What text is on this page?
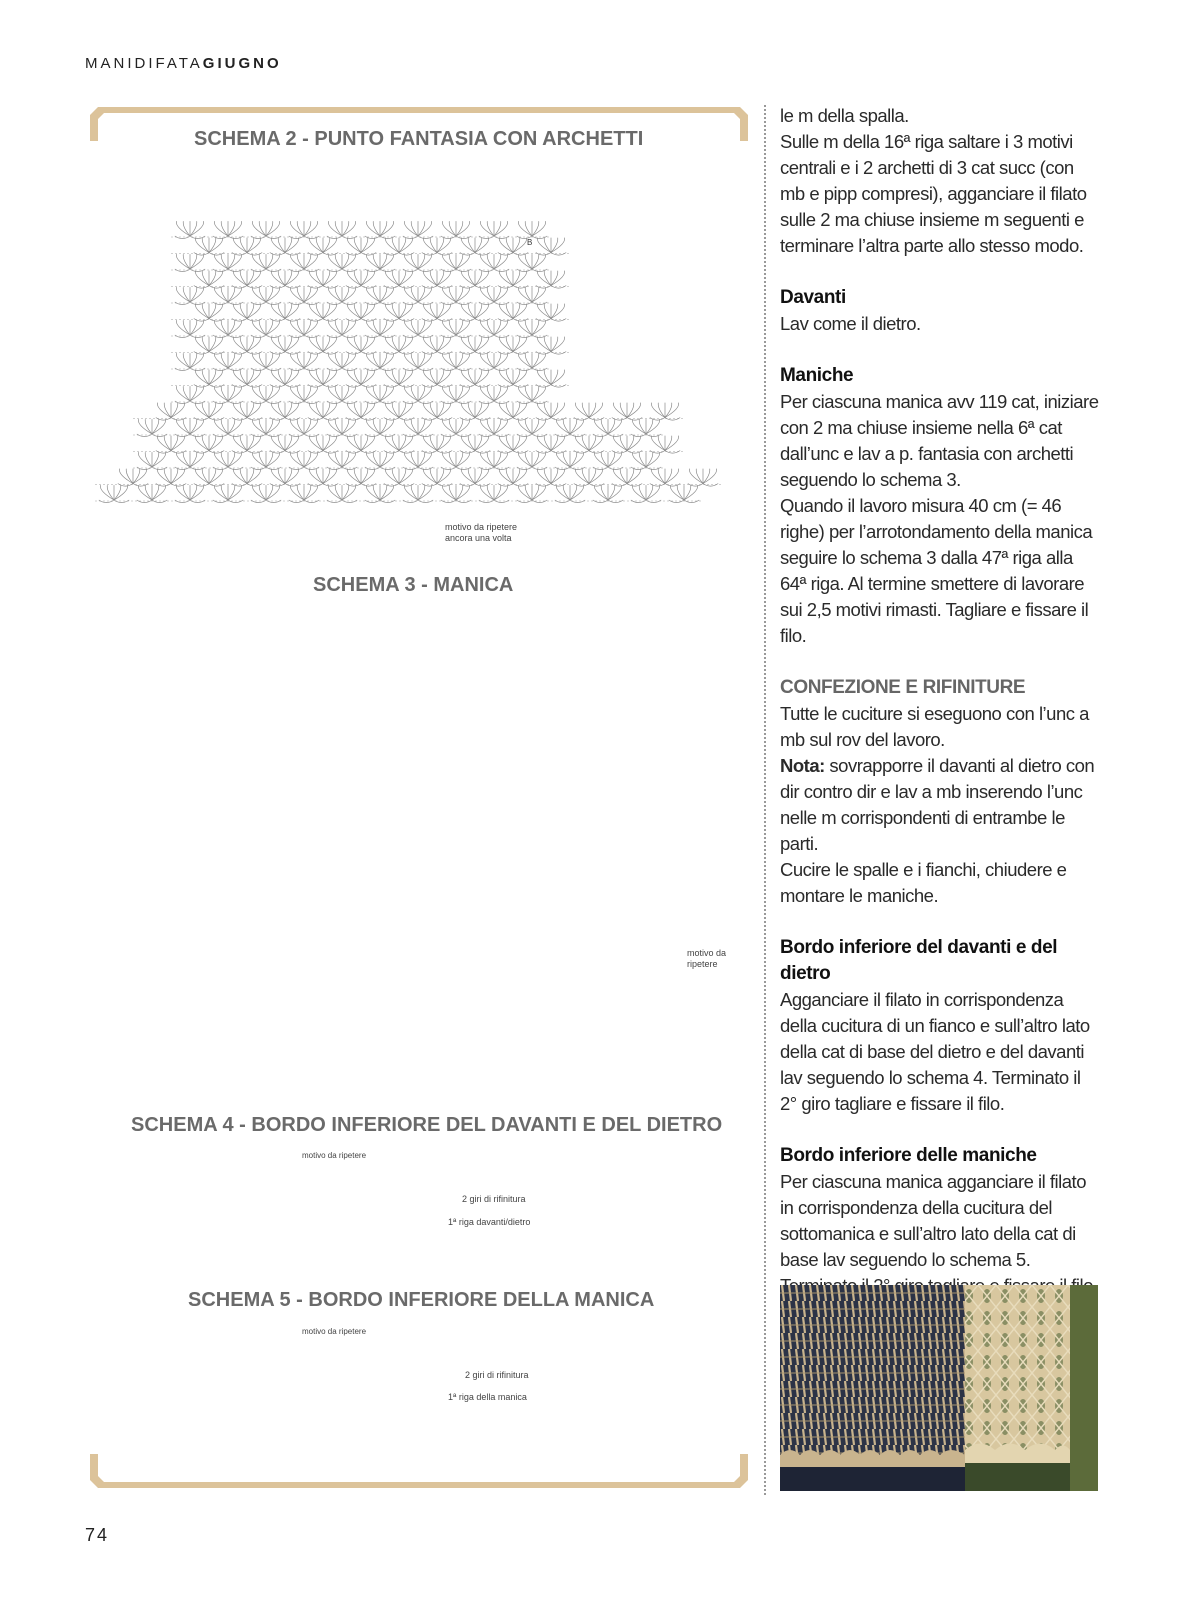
MANIDIFATAGIUGNO
SCHEMA 2 - PUNTO FANTASIA CON ARCHETTI
motivo da ripetere
ancora una volta
B
SCHEMA 3 - MANICA
motivo da
ripetere
SCHEMA 4 - BORDO INFERIORE DEL DAVANTI E DEL DIETRO
motivo da ripetere
2 giri di rifinitura
1ª riga davanti/dietro
SCHEMA 5 - BORDO INFERIORE DELLA MANICA
motivo da ripetere
2 giri di rifinitura
1ª riga della manica

le m della spalla.

Sulle m della 16ª riga saltare i 3 motivi centrali e i 2 archetti di 3 cat succ (con mb e pipp compresi), agganciare il filato sulle 2 ma chiuse insieme m seguenti e terminare l’altra parte allo stesso modo.

Davanti

Lav come il dietro.

Maniche

Per ciascuna manica avv 119 cat, iniziare con 2 ma chiuse insieme nella 6ª cat dall’unc e lav a p. fantasia con archetti seguendo lo schema 3.

Quando il lavoro misura 40 cm (= 46 righe) per l’arrotondamento della manica seguire lo schema 3 dalla 47ª riga alla 64ª riga. Al termine smettere di lavorare sui 2,5 motivi rimasti. Tagliare e fissare il filo.

CONFEZIONE E RIFINITURE

Tutte le cuciture si eseguono con l’unc a mb sul rov del lavoro.

Nota: sovrapporre il davanti al dietro con dir contro dir e lav a mb inserendo l’unc nelle m corrispondenti di entrambe le parti.

Cucire le spalle e i fianchi, chiudere e montare le maniche.

Bordo inferiore del davanti e del dietro

Agganciare il filato in corrispondenza della cucitura di un fianco e sull’altro lato della cat di base del dietro e del davanti lav seguendo lo schema 4. Terminato il 2° giro tagliare e fissare il filo.

Bordo inferiore delle maniche

Per ciascuna manica agganciare il filato in corrispondenza della cucitura del sottomanica e sull’altro lato della cat di base lav seguendo lo schema 5.

74
